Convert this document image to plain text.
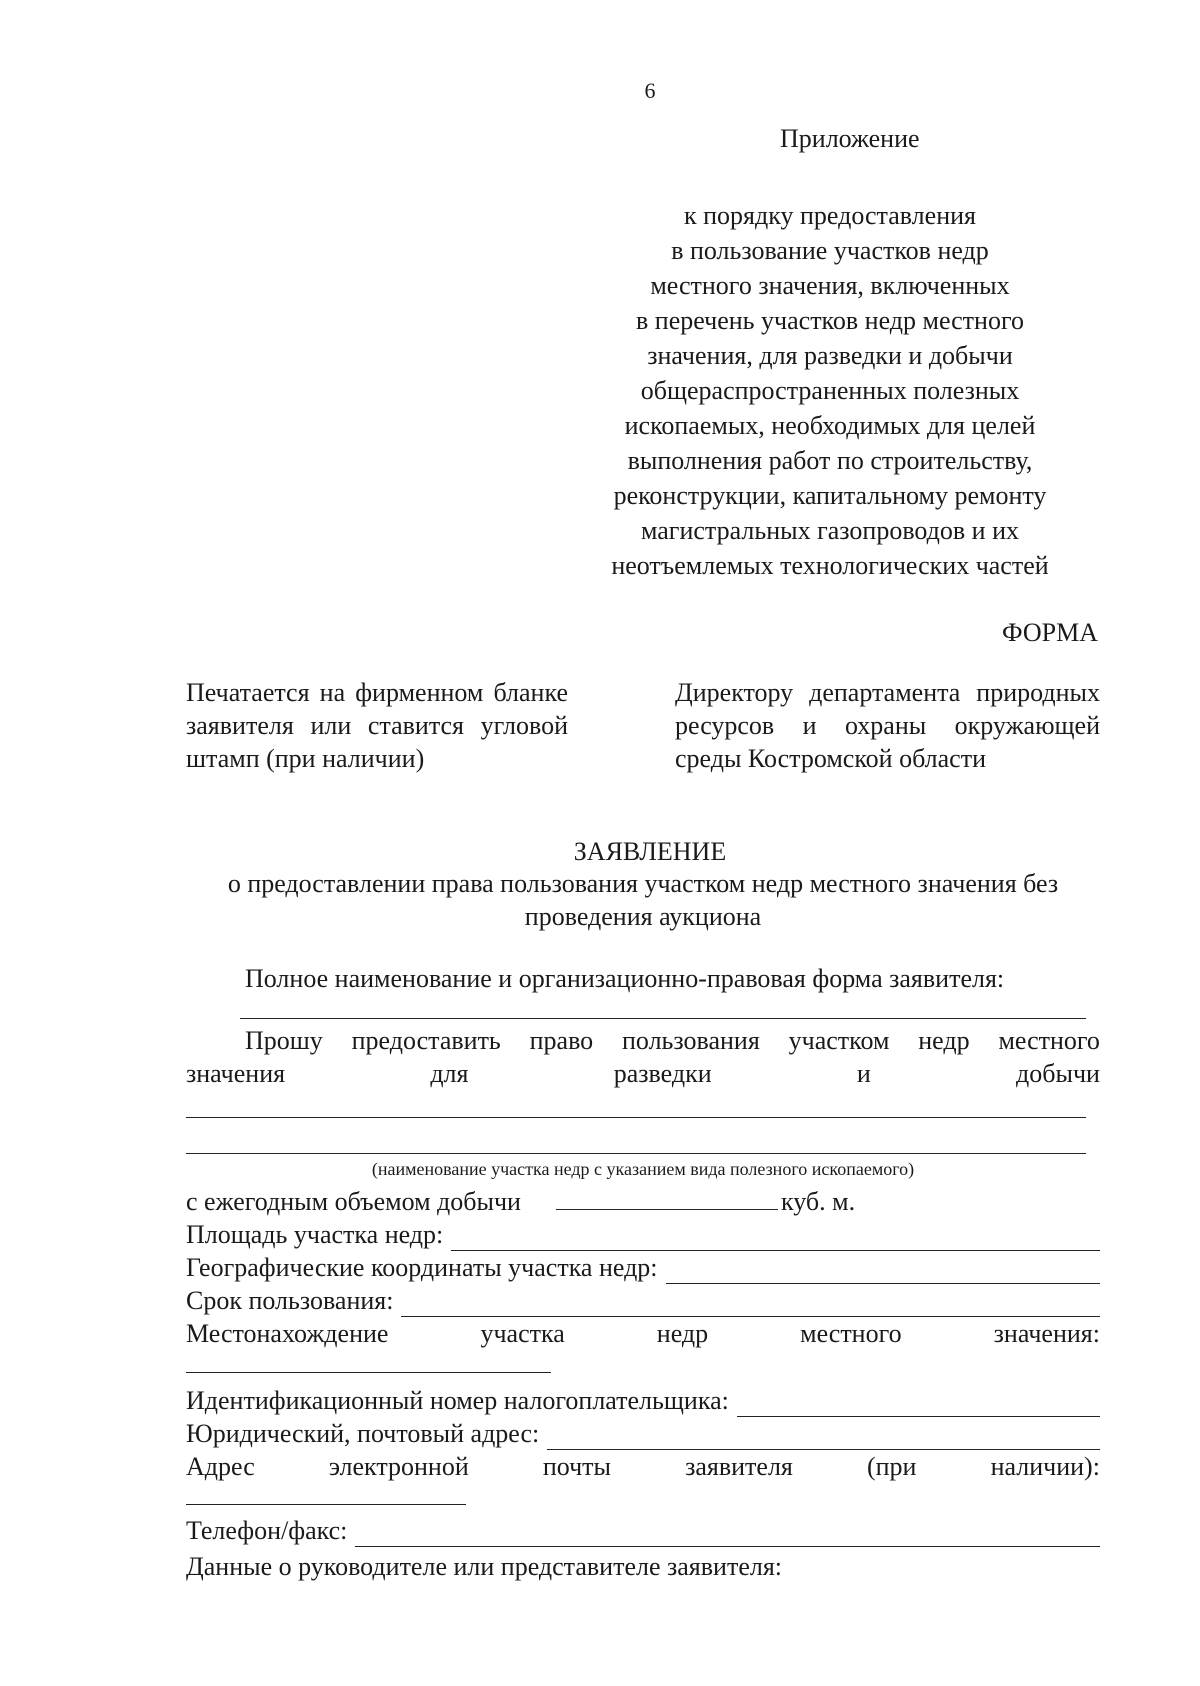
6
Приложение
к порядку предоставления
в пользование участков недр
местного значения, включенных
в перечень участков недр местного
значения, для разведки и добычи
общераспространенных полезных
ископаемых, необходимых для целей
выполнения работ по строительству,
реконструкции, капитальному ремонту
магистральных газопроводов и их
неотъемлемых технологических частей
ФОРМА
Печатается на фирменном бланке заявителя или ставится угловой штамп (при наличии)
Директору департамента природных ресурсов и охраны окружающей среды Костромской области
ЗАЯВЛЕНИЕ
о предоставлении права пользования участком недр местного значения без проведения аукциона
Полное наименование и организационно-правовая форма заявителя:
Прошу предоставить право пользования участком недр местного
значения	для	разведки	и	добычи
(наименование участка недр с указанием вида полезного ископаемого)
с ежегодным объемом добычи	куб. м.
Площадь участка недр:
Географические координаты участка недр:
Срок пользования:
Местонахождение	участка	недр	местного	значения:
Идентификационный номер налогоплательщика:
Юридический, почтовый адрес:
Адрес	электронной	почты	заявителя	(при	наличии):
Телефон/факс:
Данные о руководителе или представителе заявителя:
